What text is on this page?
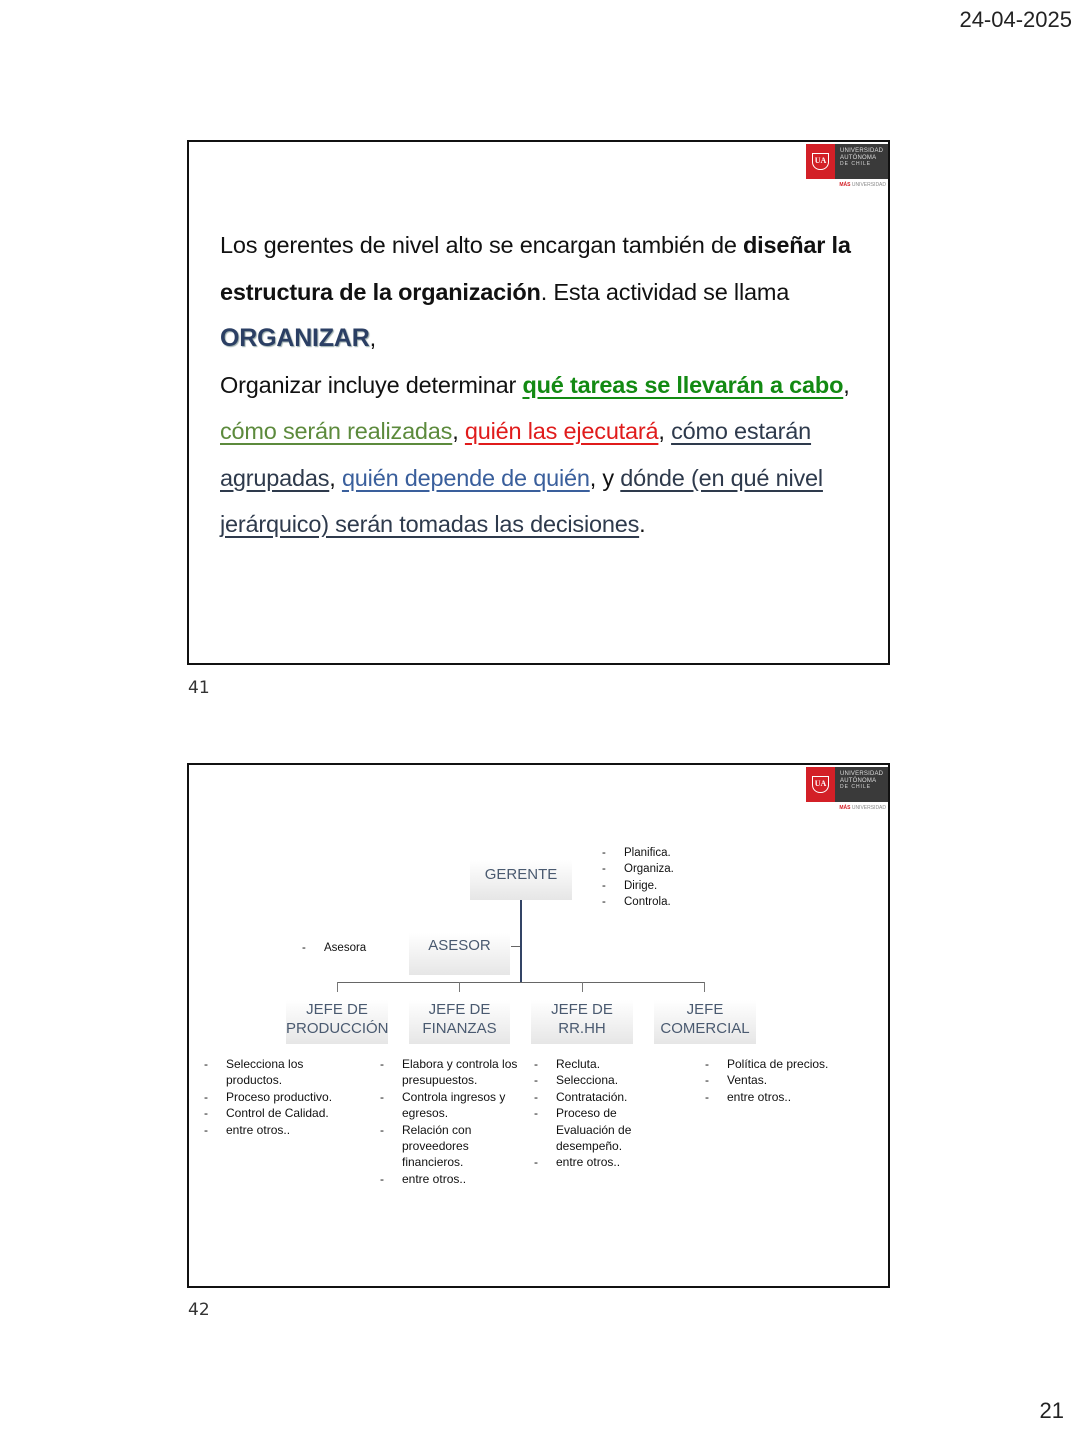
24-04-2025
UA
UNIVERSIDAD
AUTÓNOMA
DE CHILE
MÁS UNIVERSIDAD
Los gerentes de nivel alto se encargan también de diseñar la estructura de la organización. Esta actividad se llama ORGANIZAR,
Organizar incluye determinar qué tareas se llevarán a cabo, cómo serán realizadas, quién las ejecutará, cómo estarán agrupadas, quién depende de quién, y dónde (en qué nivel jerárquico) serán tomadas las decisiones.
41
UA
UNIVERSIDAD
AUTÓNOMA
DE CHILE
MÁS UNIVERSIDAD
GERENTE
- Planifica.
- Organiza.
- Dirige.
- Controla.
ASESOR
- Asesora
JEFE DE
PRODUCCIÓN
JEFE DE
FINANZAS
JEFE DE
RR.HH
JEFE
COMERCIAL
- Selecciona los productos.
- Proceso productivo.
- Control de Calidad.
- entre otros..
- Elabora y controla los presupuestos.
- Controla ingresos y egresos.
- Relación con proveedores financieros.
- entre otros..
- Recluta.
- Selecciona.
- Contratación.
- Proceso de Evaluación de desempeño.
- entre otros..
- Política de precios.
- Ventas.
- entre otros..
42
21
